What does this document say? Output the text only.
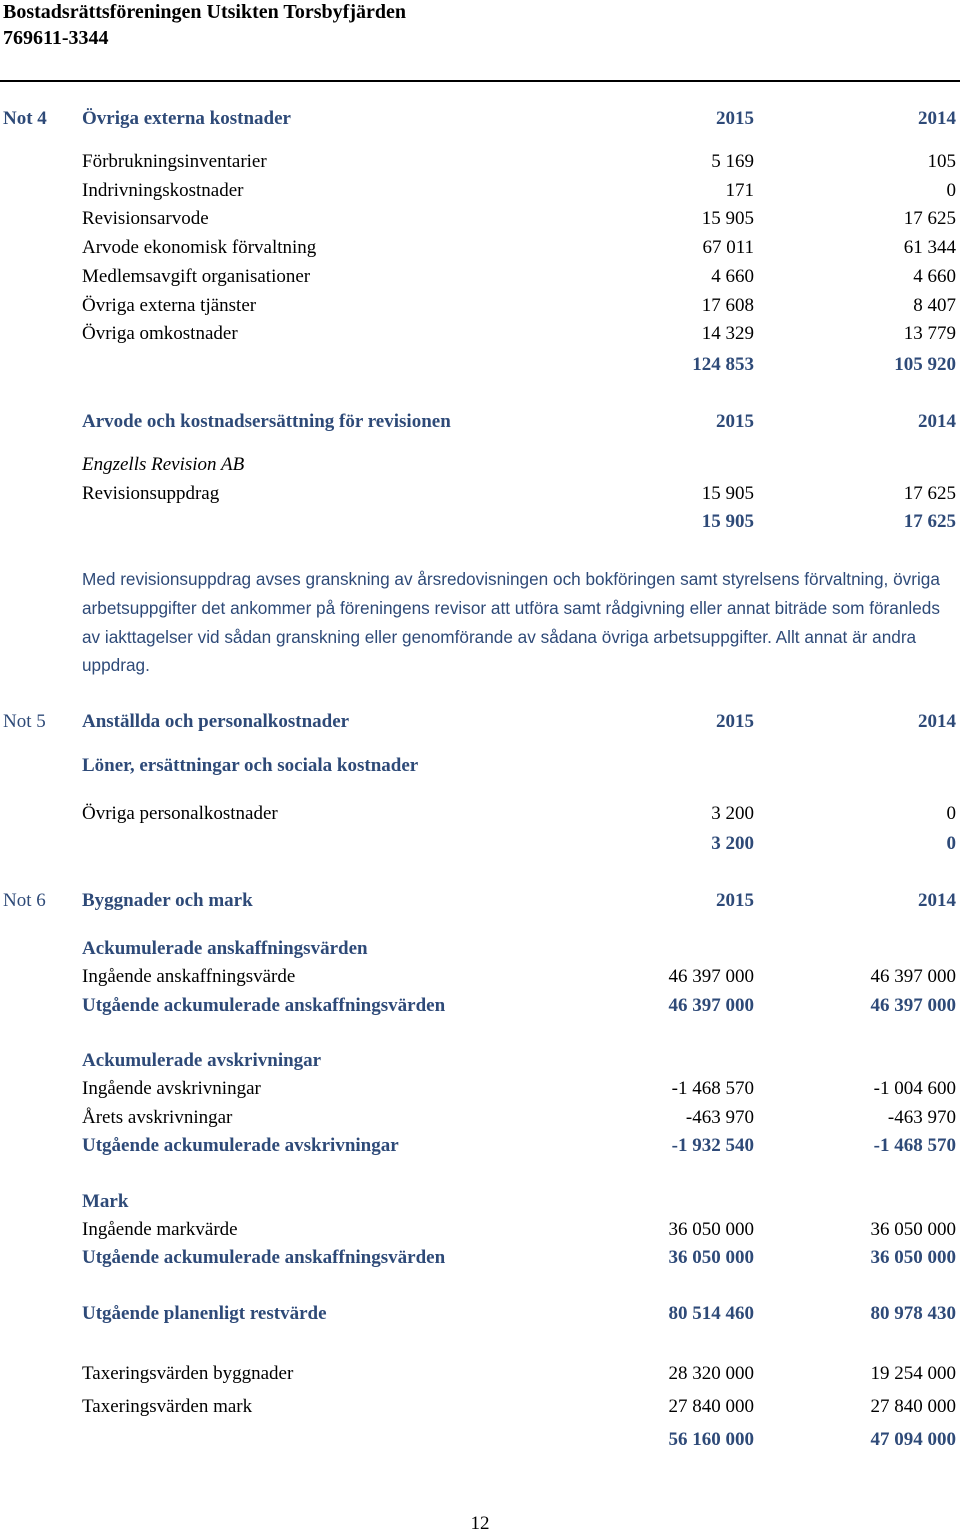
Bostadsrättsföreningen Utsikten Torsbyfjärden
769611-3344
Not 4 Övriga externa kostnader	2015	2014
Förbrukningsinventarier	5 169	105
Indrivningskostnader	171	0
Revisionsarvode	15 905	17 625
Arvode ekonomisk förvaltning	67 011	61 344
Medlemsavgift organisationer	4 660	4 660
Övriga externa tjänster	17 608	8 407
Övriga omkostnader	14 329	13 779
124 853	105 920
Arvode och kostnadsersättning för revisionen	2015	2014
Engzells Revision AB
Revisionsuppdrag	15 905	17 625
15 905	17 625
Med revisionsuppdrag avses granskning av årsredovisningen och bokföringen samt styrelsens förvaltning, övriga arbetsuppgifter det ankommer på föreningens revisor att utföra samt rådgivning eller annat biträde som föranleds av iakttagelser vid sådan granskning eller genomförande av sådana övriga arbetsuppgifter. Allt annat är andra uppdrag.
Not 5 Anställda och personalkostnader	2015	2014
Löner, ersättningar och sociala kostnader
Övriga personalkostnader	3 200	0
3 200	0
Not 6 Byggnader och mark	2015	2014
Ackumulerade anskaffningsvärden
Ingående anskaffningsvärde	46 397 000	46 397 000
Utgående ackumulerade anskaffningsvärden	46 397 000	46 397 000
Ackumulerade avskrivningar
Ingående avskrivningar	-1 468 570	-1 004 600
Årets avskrivningar	-463 970	-463 970
Utgående ackumulerade avskrivningar	-1 932 540	-1 468 570
Mark
Ingående markvärde	36 050 000	36 050 000
Utgående ackumulerade anskaffningsvärden	36 050 000	36 050 000
Utgående planenligt restvärde	80 514 460	80 978 430
Taxeringsvärden byggnader	28 320 000	19 254 000
Taxeringsvärden mark	27 840 000	27 840 000
56 160 000	47 094 000
12
